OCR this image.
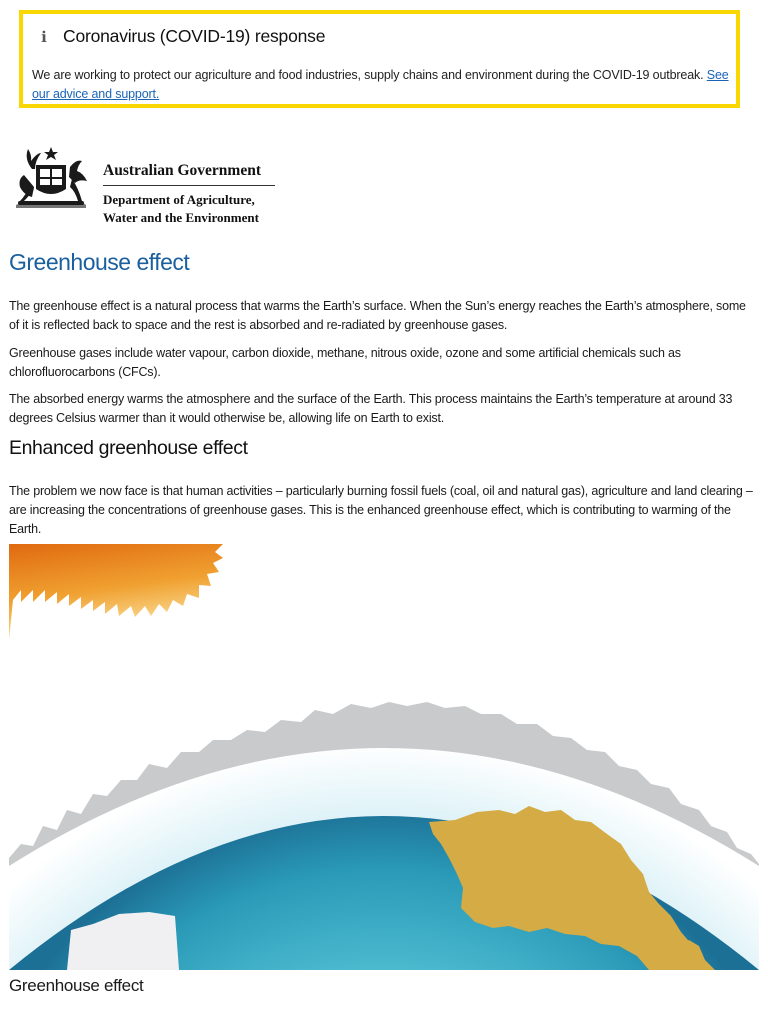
ℹ Coronavirus (COVID-19) response
We are working to protect our agriculture and food industries, supply chains and environment during the COVID-19 outbreak. See our advice and support.
Australian Government
Department of Agriculture,
Water and the Environment
Greenhouse effect

The greenhouse effect is a natural process that warms the Earth’s surface. When the Sun’s energy reaches the Earth’s atmosphere, some of it is reflected back to space and the rest is absorbed and re-radiated by greenhouse gases.

Greenhouse gases include water vapour, carbon dioxide, methane, nitrous oxide, ozone and some artificial chemicals such as chlorofluorocarbons (CFCs).

The absorbed energy warms the atmosphere and the surface of the Earth. This process maintains the Earth’s temperature at around 33 degrees Celsius warmer than it would otherwise be, allowing life on Earth to exist.

Enhanced greenhouse effect

The problem we now face is that human activities – particularly burning fossil fuels (coal, oil and natural gas), agriculture and land clearing – are increasing the concentrations of greenhouse gases. This is the enhanced greenhouse effect, which is contributing to warming of the Earth.

Greenhouse effect
